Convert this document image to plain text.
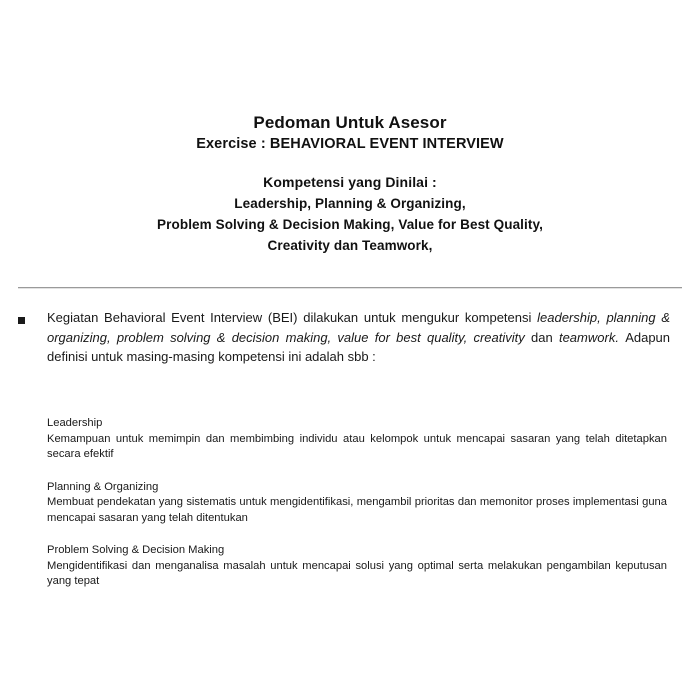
Pedoman Untuk Asesor
Exercise : BEHAVIORAL EVENT INTERVIEW
Kompetensi yang Dinilai :
Leadership, Planning & Organizing,
Problem Solving & Decision Making, Value for Best Quality,
Creativity dan Teamwork,
Kegiatan Behavioral Event Interview (BEI) dilakukan untuk mengukur kompetensi leadership, planning & organizing, problem solving & decision making, value for best quality, creativity dan teamwork. Adapun definisi untuk masing-masing kompetensi ini adalah sbb :
Leadership
Kemampuan untuk memimpin dan membimbing individu atau kelompok untuk mencapai sasaran yang telah ditetapkan secara efektif
Planning & Organizing
Membuat pendekatan yang sistematis untuk mengidentifikasi, mengambil prioritas dan memonitor proses implementasi guna mencapai sasaran yang telah ditentukan
Problem Solving & Decision Making
Mengidentifikasi dan menganalisa masalah untuk mencapai solusi yang optimal serta melakukan pengambilan keputusan yang tepat
